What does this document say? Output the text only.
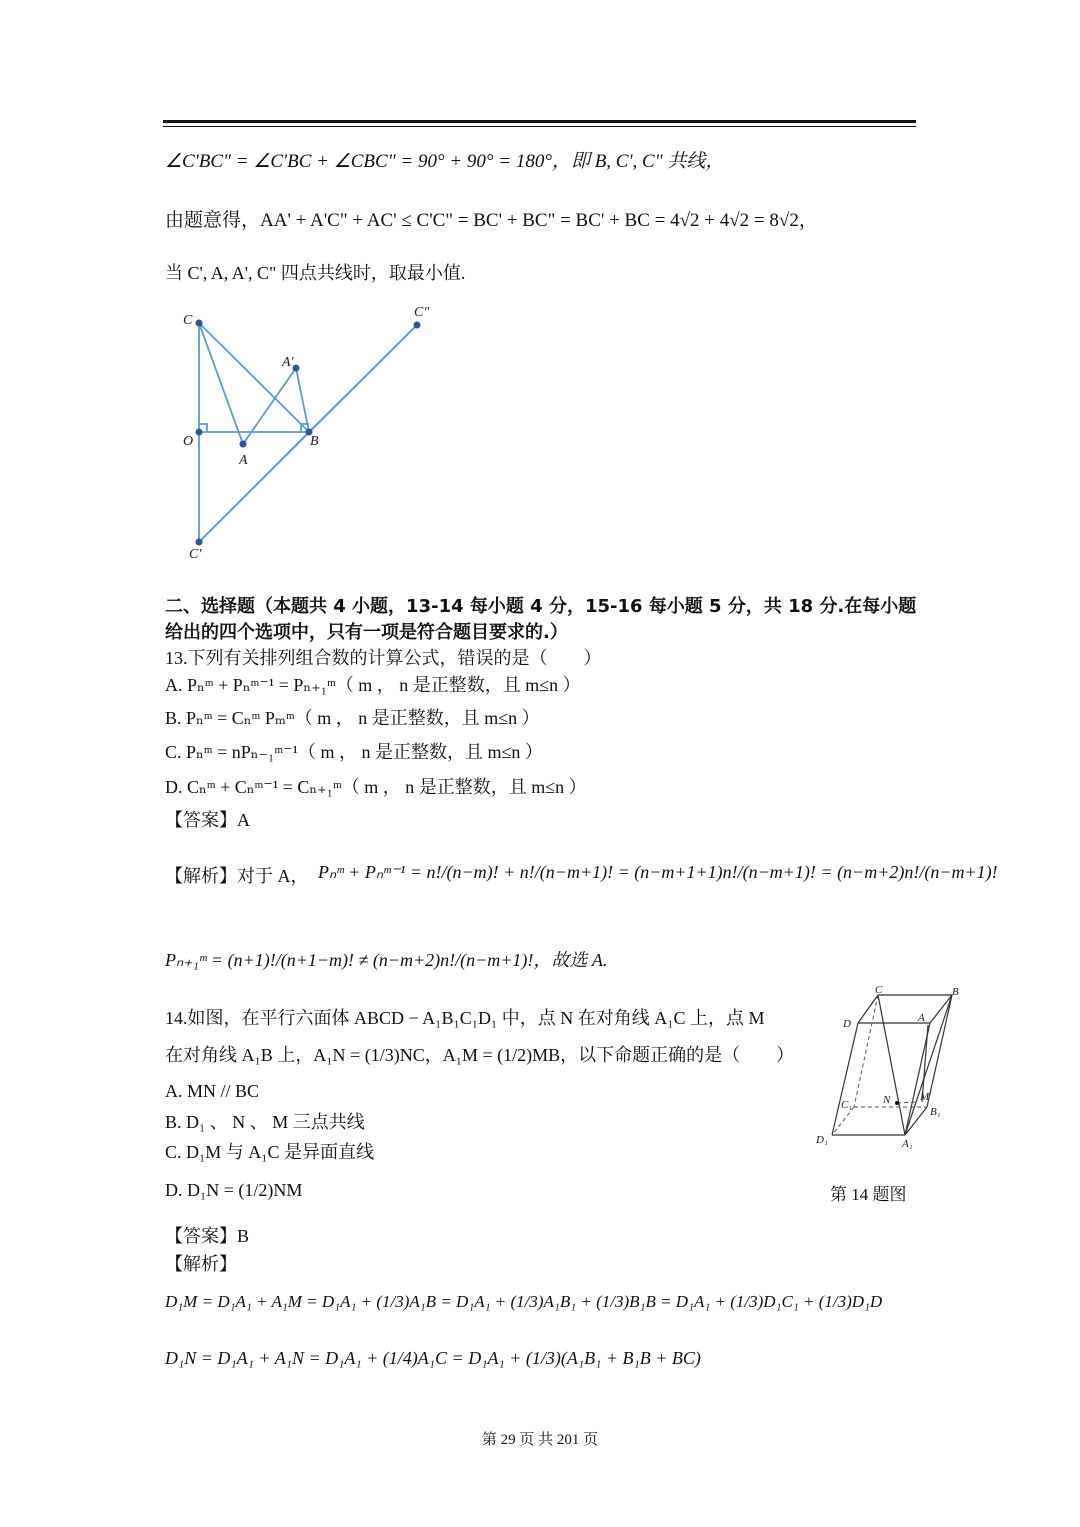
∠C'BC" = ∠C'BC + ∠CBC" = 90° + 90° = 180°，即 B, C', C" 共线，
由题意得，AA' + A'C" + AC' ≤ C'C" = BC' + BC" = BC' + BC = 4√2 + 4√2 = 8√2，
当 C', A, A', C" 四点共线时，取最小值.
C
C"
A'
O
A
B
C'
二、选择题（本题共 4 小题，13-14 每小题 4 分，15-16 每小题 5 分，共 18 分.在每小题
给出的四个选项中，只有一项是符合题目要求的.）
13.下列有关排列组合数的计算公式，错误的是（　　）
A. Pₙᵐ + Pₙᵐ⁻¹ = Pₙ₊₁ᵐ（ m ， n 是正整数，且 m≤n ）
B. Pₙᵐ = Cₙᵐ Pₘᵐ（ m ， n 是正整数，且 m≤n ）
C. Pₙᵐ = nPₙ₋₁ᵐ⁻¹（ m ， n 是正整数，且 m≤n ）
D. Cₙᵐ + Cₙᵐ⁻¹ = Cₙ₊₁ᵐ（ m ， n 是正整数，且 m≤n ）
【答案】A
【解析】对于 A， Pₙᵐ + Pₙᵐ⁻¹ = n!/(n−m)! + n!/(n−m+1)! = (n−m+1+1)n!/(n−m+1)! = (n−m+2)n!/(n−m+1)!
Pₙ₊₁ᵐ = (n+1)!/(n+1−m)! ≠ (n−m+2)n!/(n−m+1)!，故选 A.
14.如图，在平行六面体 ABCD − A₁B₁C₁D₁ 中，点 N 在对角线 A₁C 上，点 M
在对角线 A₁B 上，A₁N = (1/3)NC，A₁M = (1/2)MB，以下命题正确的是（　　）
A. MN // BC
B. D₁ 、 N 、 M 三点共线
C. D₁M 与 A₁C 是异面直线
D. D₁N = (1/2)NM
C	B
D	A
C₁	N	M
B₁
D₁	A₁
第 14 题图
【答案】B
【解析】
D₁M = D₁A₁ + A₁M = D₁A₁ + (1/3)A₁B = D₁A₁ + (1/3)A₁B₁ + (1/3)B₁B = D₁A₁ + (1/3)D₁C₁ + (1/3)D₁D
D₁N = D₁A₁ + A₁N = D₁A₁ + (1/4)A₁C = D₁A₁ + (1/3)(A₁B₁ + B₁B + BC)
第 29 页 共 201 页
